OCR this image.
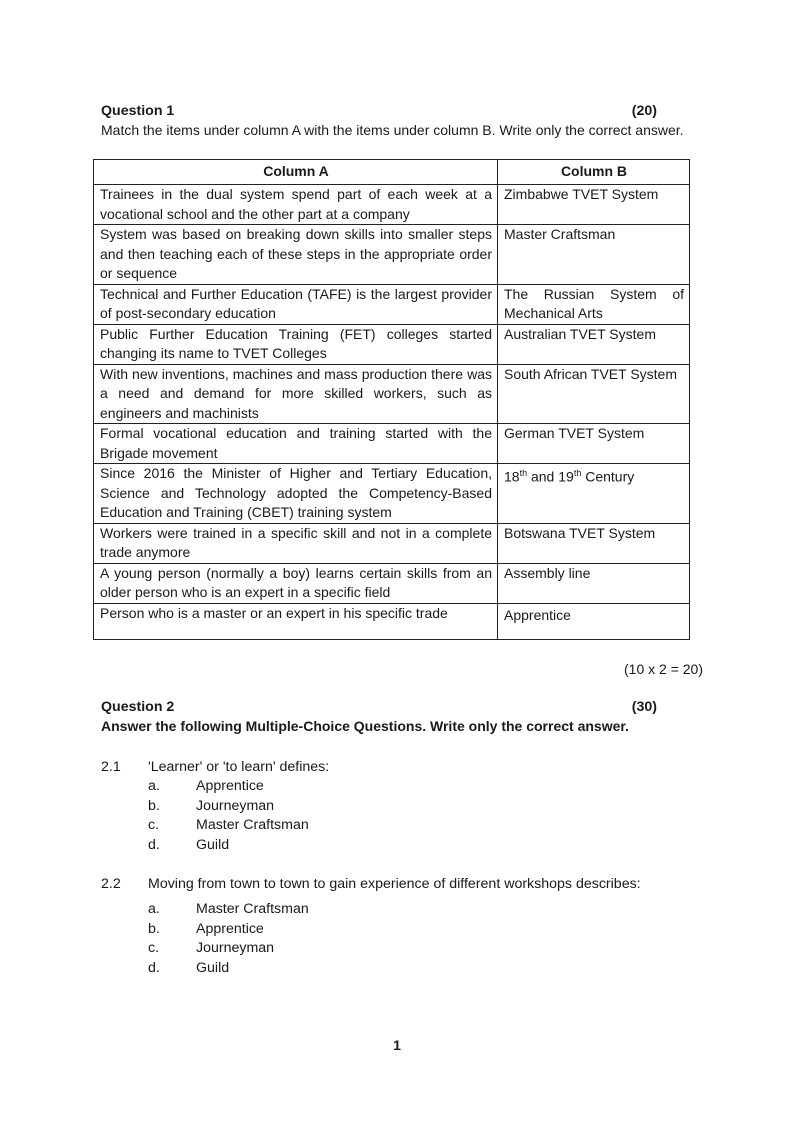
Question 1	(20)
Match the items under column A with the items under column B. Write only the correct answer.
Column A	Column B
Trainees in the dual system spend part of each week at a vocational school and the other part at a company	Zimbabwe TVET System
System was based on breaking down skills into smaller steps and then teaching each of these steps in the appropriate order or sequence	Master Craftsman
Technical and Further Education (TAFE) is the largest provider of post-secondary education	The Russian System of Mechanical Arts
Public Further Education Training (FET) colleges started changing its name to TVET Colleges	Australian TVET System
With new inventions, machines and mass production there was a need and demand for more skilled workers, such as engineers and machinists	South African TVET System
Formal vocational education and training started with the Brigade movement	German TVET System
Since 2016 the Minister of Higher and Tertiary Education, Science and Technology adopted the Competency-Based Education and Training (CBET) training system	18th and 19th Century
Workers were trained in a specific skill and not in a complete trade anymore	Botswana TVET System
A young person (normally a boy) learns certain skills from an older person who is an expert in a specific field	Assembly line
Person who is a master or an expert in his specific trade	Apprentice
(10 x 2 = 20)
Question 2	(30)
Answer the following Multiple-Choice Questions. Write only the correct answer.
2.1	'Learner' or 'to learn' defines:
a.	Apprentice
b.	Journeyman
c.	Master Craftsman
d.	Guild
2.2	Moving from town to town to gain experience of different workshops describes:
a.	Master Craftsman
b.	Apprentice
c.	Journeyman
d.	Guild
1
